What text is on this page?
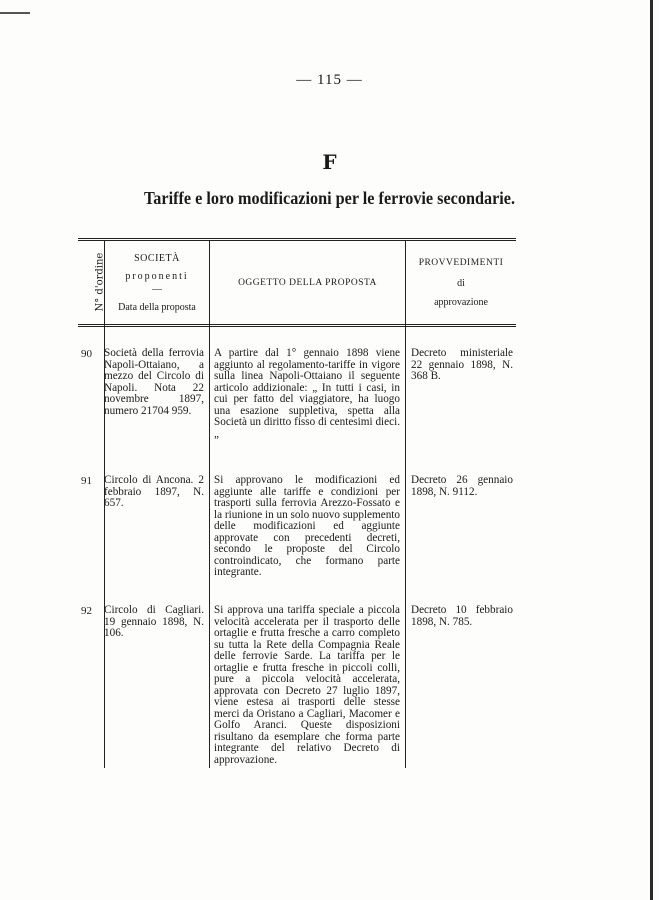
— 115 —
F
Tariffe e loro modificazioni per le ferrovie secondarie.
N° d'ordine	SOCIETÀ
proponenti
—
Data della proposta
OGGETTO DELLA PROPOSTA
PROVVEDIMENTI
di
approvazione
90 Società della ferrovia Napoli-Ottaiano, a mezzo del Circolo di Napoli. Nota 22 novembre 1897, numero 21704 959.
A partire dal 1° gennaio 1898 viene aggiunto al regolamento-tariffe in vigore sulla linea Napoli-Ottaiano il seguente articolo addizionale: „ In tutti i casi, in cui per fatto del viaggiatore, ha luogo una esazione suppletiva, spetta alla Società un diritto fisso di centesimi dieci. „
Decreto ministeriale 22 gennaio 1898, N. 368 B.
91 Circolo di Ancona. 2 febbraio 1897, N. 657.
Si approvano le modificazioni ed aggiunte alle tariffe e condizioni per trasporti sulla ferrovia Arezzo-Fossato e la riunione in un solo nuovo supplemento delle modificazioni ed aggiunte approvate con precedenti decreti, secondo le proposte del Circolo controindicato, che formano parte integrante.
Decreto 26 gennaio 1898, N. 9112.
92 Circolo di Cagliari. 19 gennaio 1898, N. 106.
Si approva una tariffa speciale a piccola velocità accelerata per il trasporto delle ortaglie e frutta fresche a carro completo su tutta la Rete della Compagnia Reale delle ferrovie Sarde. La tariffa per le ortaglie e frutta fresche in piccoli colli, pure a piccola velocità accelerata, approvata con Decreto 27 luglio 1897, viene estesa ai trasporti delle stesse merci da Oristano a Cagliari, Macomer e Golfo Aranci. Queste disposizioni risultano da esemplare che forma parte integrante del relativo Decreto di approvazione.
Decreto 10 febbraio 1898, N. 785.
